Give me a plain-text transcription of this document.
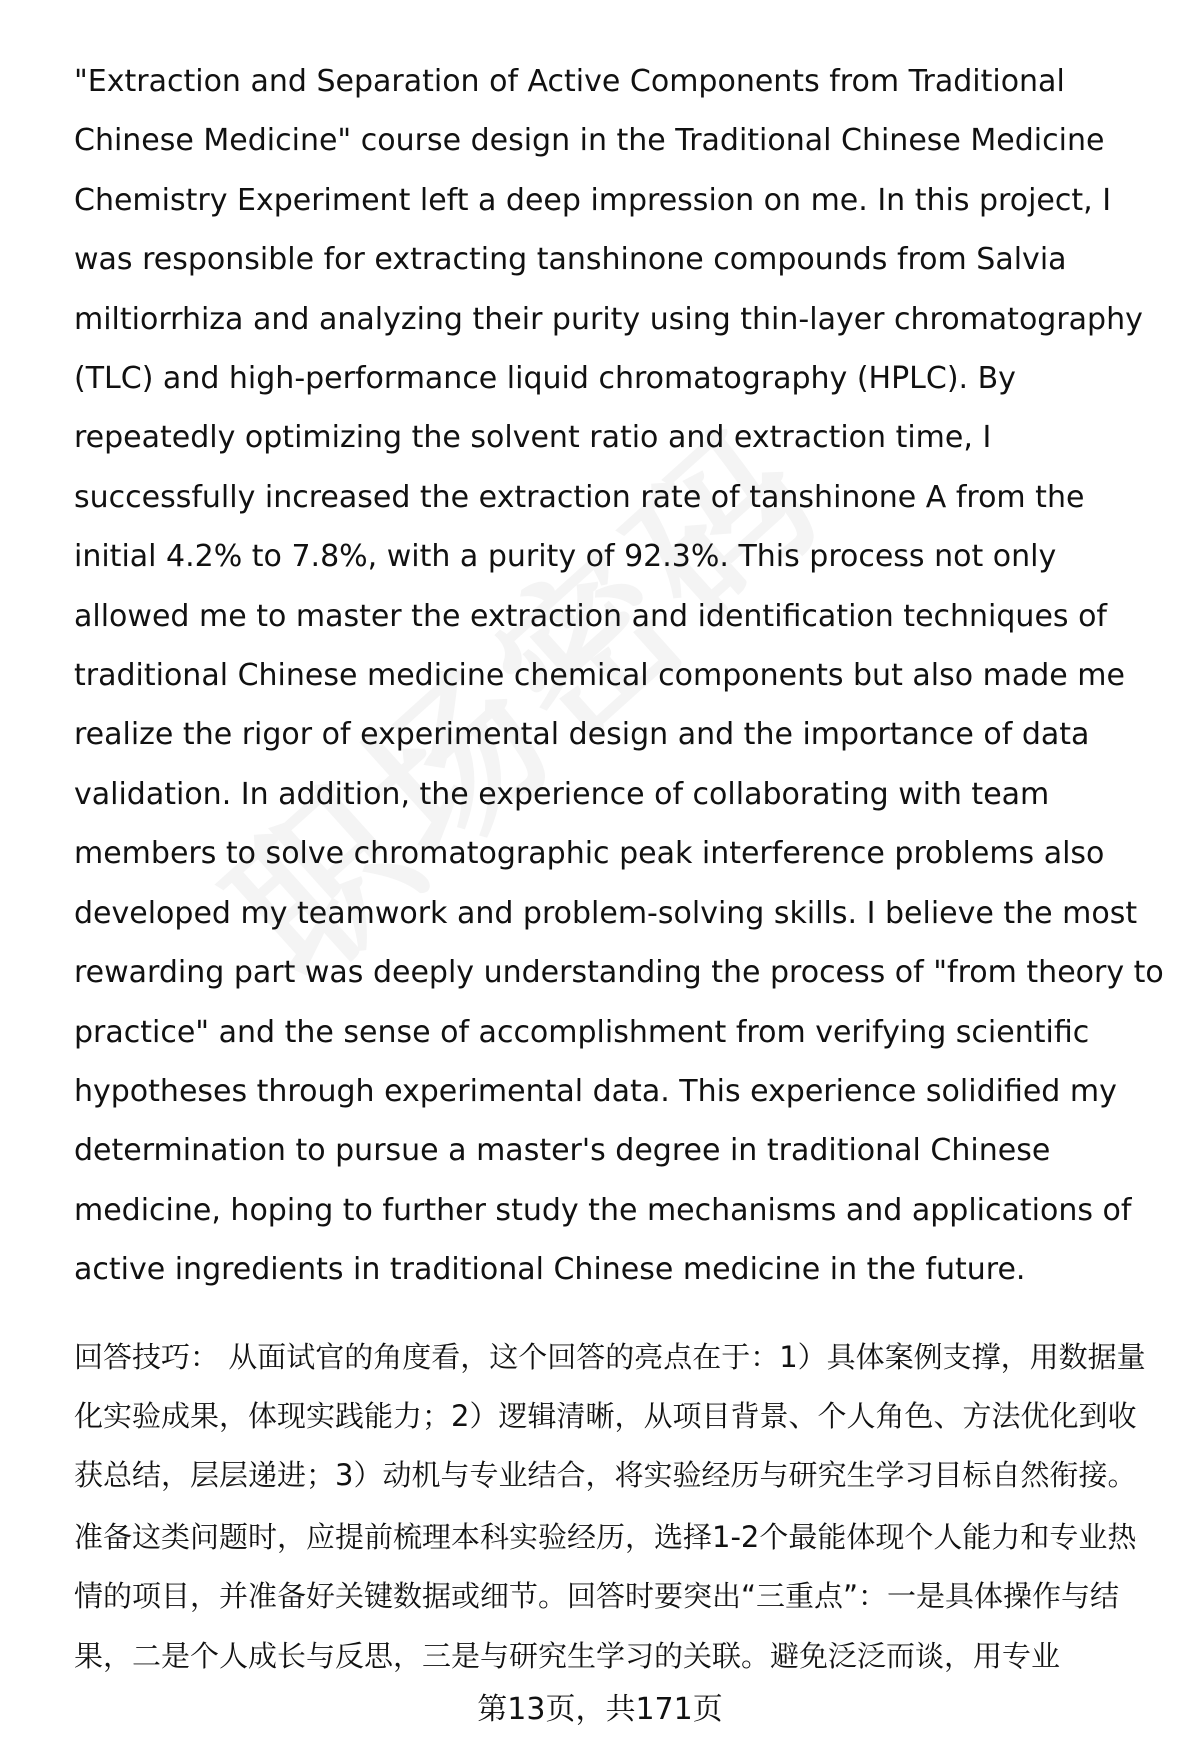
"Extraction and Separation of Active Components from Traditional Chinese Medicine" course design in the Traditional Chinese Medicine Chemistry Experiment left a deep impression on me. In this project, I was responsible for extracting tanshinone compounds from Salvia miltiorrhiza and analyzing their purity using thin-layer chromatography (TLC) and high-performance liquid chromatography (HPLC). By repeatedly optimizing the solvent ratio and extraction time, I successfully increased the extraction rate of tanshinone A from the initial 4.2% to 7.8%, with a purity of 92.3%. This process not only allowed me to master the extraction and identification techniques of traditional Chinese medicine chemical components but also made me realize the rigor of experimental design and the importance of data validation. In addition, the experience of collaborating with team members to solve chromatographic peak interference problems also developed my teamwork and problem-solving skills. I believe the most rewarding part was deeply understanding the process of "from theory to practice" and the sense of accomplishment from verifying scientific hypotheses through experimental data. This experience solidified my determination to pursue a master's degree in traditional Chinese medicine, hoping to further study the mechanisms and applications of active ingredients in traditional Chinese medicine in the future.

回答技巧： 从面试官的角度看，这个回答的亮点在于：1）具体案例支撑，用数据量化实验成果，体现实践能力；2）逻辑清晰，从项目背景、个人角色、方法优化到收获总结，层层递进；3）动机与专业结合，将实验经历与研究生学习目标自然衔接。

准备这类问题时，应提前梳理本科实验经历，选择1-2个最能体现个人能力和专业热情的项目，并准备好关键数据或细节。回答时要突出“三重点”：一是具体操作与结果，二是个人成长与反思，三是与研究生学习的关联。避免泛泛而谈，用专业

第13页，共171页
